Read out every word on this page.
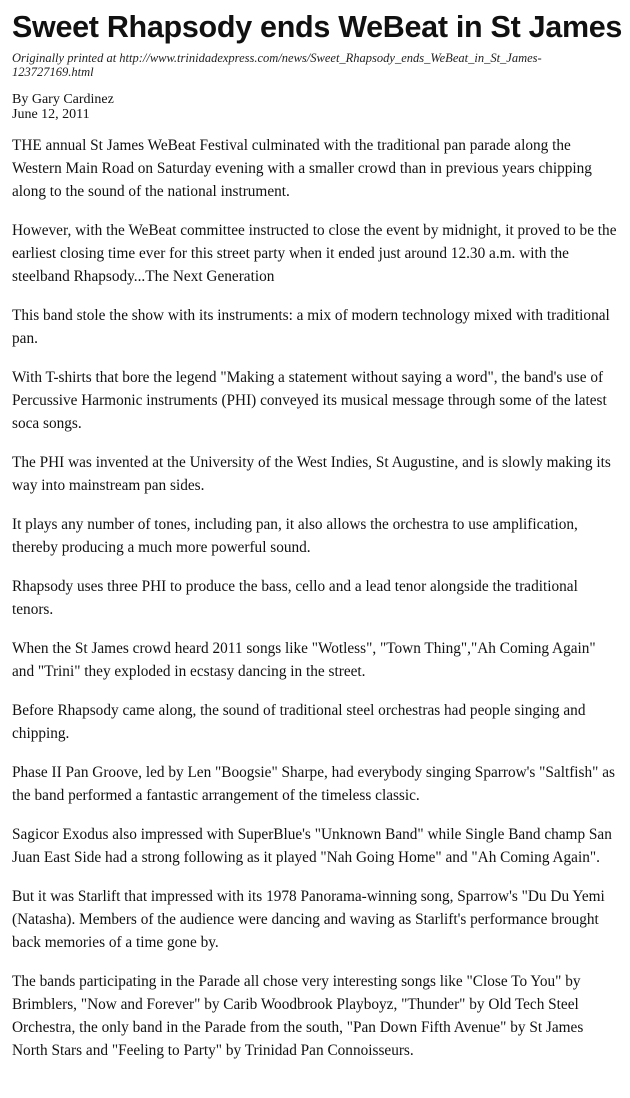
Sweet Rhapsody ends WeBeat in St James
Originally printed at http://www.trinidadexpress.com/news/Sweet_Rhapsody_ends_WeBeat_in_St_James-123727169.html
By Gary Cardinez
June 12, 2011

THE annual St James WeBeat Festival culminated with the traditional pan parade along the Western Main Road on Saturday evening with a smaller crowd than in previous years chipping along to the sound of the national instrument.

However, with the WeBeat committee instructed to close the event by midnight, it proved to be the earliest closing time ever for this street party when it ended just around 12.30 a.m. with the steelband Rhapsody...The Next Generation

This band stole the show with its instruments: a mix of modern technology mixed with traditional pan.

With T-shirts that bore the legend "Making a statement without saying a word", the band's use of Percussive Harmonic instruments (PHI) conveyed its musical message through some of the latest soca songs.

The PHI was invented at the University of the West Indies, St Augustine, and is slowly making its way into mainstream pan sides.

It plays any number of tones, including pan, it also allows the orchestra to use amplification, thereby producing a much more powerful sound.

Rhapsody uses three PHI to produce the bass, cello and a lead tenor alongside the traditional tenors.

When the St James crowd heard 2011 songs like "Wotless", "Town Thing","Ah Coming Again" and "Trini" they exploded in ecstasy dancing in the street.

Before Rhapsody came along, the sound of traditional steel orchestras had people singing and chipping.

Phase II Pan Groove, led by Len "Boogsie" Sharpe, had everybody singing Sparrow's "Saltfish" as the band performed a fantastic arrangement of the timeless classic.

Sagicor Exodus also impressed with SuperBlue's "Unknown Band" while Single Band champ San Juan East Side had a strong following as it played "Nah Going Home" and "Ah Coming Again".

But it was Starlift that impressed with its 1978 Panorama-winning song, Sparrow's "Du Du Yemi (Natasha). Members of the audience were dancing and waving as Starlift's performance brought back memories of a time gone by.

The bands participating in the Parade all chose very interesting songs like "Close To You" by Brimblers, "Now and Forever" by Carib Woodbrook Playboyz, "Thunder" by Old Tech Steel Orchestra, the only band in the Parade from the south, "Pan Down Fifth Avenue" by St James North Stars and "Feeling to Party" by Trinidad Pan Connoisseurs.
